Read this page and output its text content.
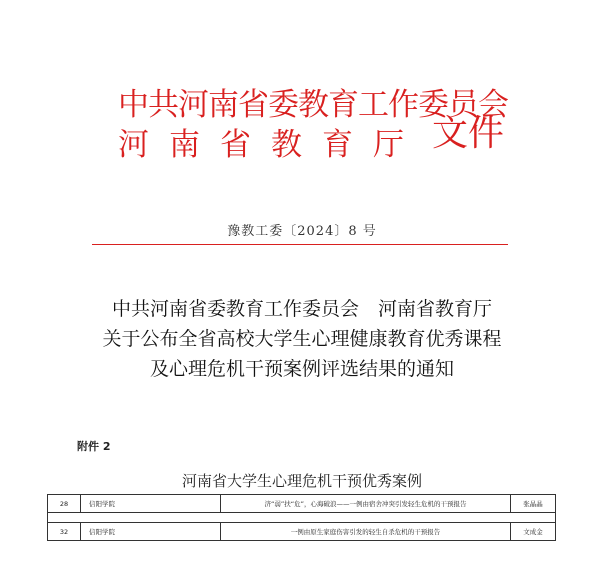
中共河南省委教育工作委员会
河 南 省 教 育 厅 文件
豫教工委〔2024〕8 号
中共河南省委教育工作委员会　河南省教育厅
关于公布全省高校大学生心理健康教育优秀课程
及心理危机干预案例评选结果的通知
附件 2
河南省大学生心理危机干预优秀案例
28	信阳学院	济“弱”扶“危”，心海破浪——一例由宿舍冲突引发轻生危机的干预报告	张晶晶
32	信阳学院	一例由原生家庭伤害引发的轻生自杀危机的干预报告	文成金
